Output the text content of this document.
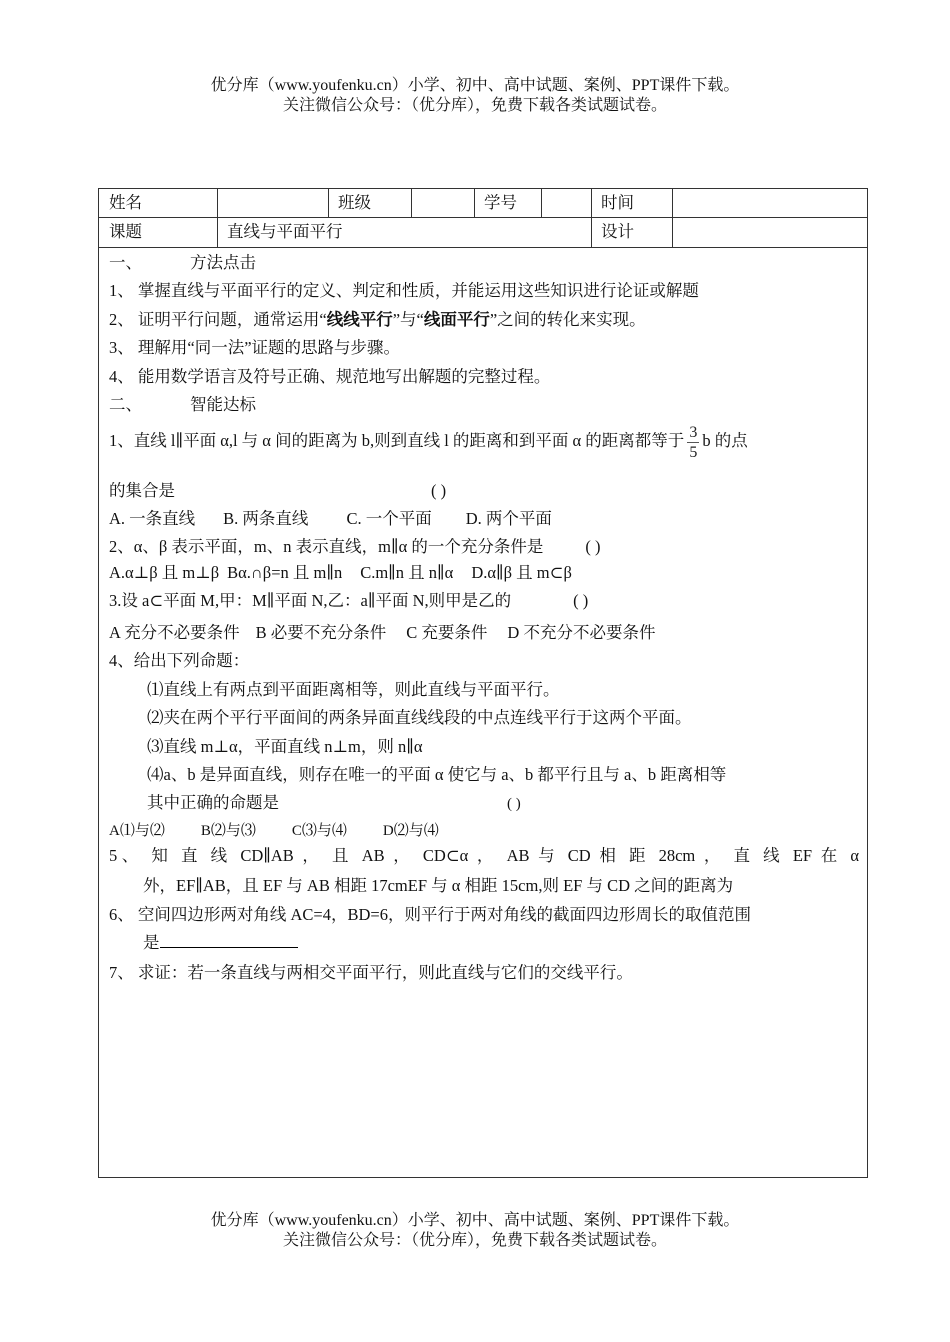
优分库（www.youfenku.cn）小学、初中、高中试题、案例、PPT课件下载。
关注微信公众号：（优分库），免费下载各类试题试卷。
姓名	班级	学号	时间
课题	直线与平面平行	设计
一、	方法点击
1、 掌握直线与平面平行的定义、判定和性质，并能运用这些知识进行论证或解题
2、 证明平行问题，通常运用“线线平行”与“线面平行”之间的转化来实现。
3、 理解用“同一法”证题的思路与步骤。
4、 能用数学语言及符号正确、规范地写出解题的完整过程。
二、	智能达标
1、直线 l∥平面 α,l 与 α 间的距离为 b,则到直线 l 的距离和到平面 α 的距离都等于 $\frac{3}{5}$ b 的点
的集合是	( )
A. 一条直线 B. 两条直线 C. 一个平面 D. 两个平面
2、α、β 表示平面，m、n 表示直线，m∥α 的一个充分条件是	( )
A.α⊥β 且 m⊥β Bα.∩β=n 且 m∥n C.m∥n 且 n∥α D.α∥β 且 m⊂β
3.设 a⊂平面 M,甲：M∥平面 N,乙：a∥平面 N,则甲是乙的	( )
A 充分不必要条件 B 必要不充分条件 C 充要条件 D 不充分不必要条件
4、给出下列命题：
⑴直线上有两点到平面距离相等，则此直线与平面平行。
⑵夹在两个平行平面间的两条异面直线线段的中点连线平行于这两个平面。
⑶直线 m⊥α，平面直线 n⊥m，则 n∥α
⑷a、b 是异面直线，则存在唯一的平面 α 使它与 a、b 都平行且与 a、b 距离相等
其中正确的命题是	( )
A⑴与⑵ B⑵与⑶ C⑶与⑷ D⑵与⑷
5、 知 直 线 CD∥AB ， 且 AB ， CD⊂α ， AB 与 CD 相 距 28cm ， 直 线 EF 在 α
外，EF∥AB，且 EF 与 AB 相距 17cmEF 与 α 相距 15cm,则 EF 与 CD 之间的距离为
6、 空间四边形两对角线 AC=4，BD=6，则平行于两对角线的截面四边形周长的取值范围
是
7、 求证：若一条直线与两相交平面平行，则此直线与它们的交线平行。
优分库（www.youfenku.cn）小学、初中、高中试题、案例、PPT课件下载。
关注微信公众号：（优分库），免费下载各类试题试卷。
